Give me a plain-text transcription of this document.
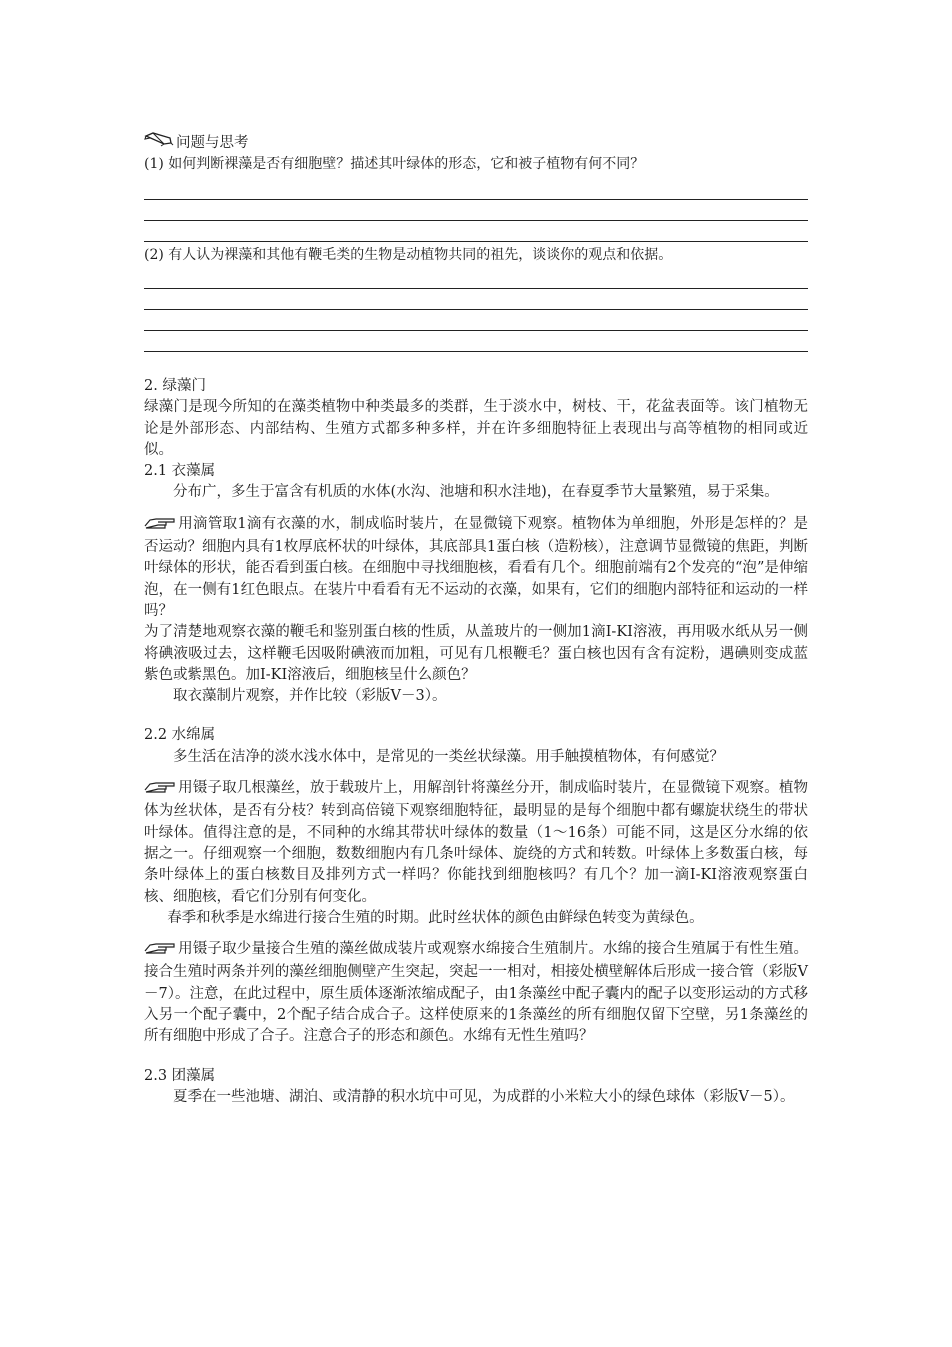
问题与思考

(1) 如何判断裸藻是否有细胞壁？描述其叶绿体的形态，它和被子植物有何不同？

(2) 有人认为裸藻和其他有鞭毛类的生物是动植物共同的祖先，谈谈你的观点和依据。

2. 绿藻门

绿藻门是现今所知的在藻类植物中种类最多的类群，生于淡水中，树枝、干，花盆表面等。该门植物无论是外部形态、内部结构、生殖方式都多种多样，并在许多细胞特征上表现出与高等植物的相同或近似。

2.1 衣藻属

分布广，多生于富含有机质的水体(水沟、池塘和积水洼地)，在春夏季节大量繁殖，易于采集。

用滴管取1滴有衣藻的水，制成临时装片，在显微镜下观察。植物体为单细胞，外形是怎样的？是否运动？细胞内具有1枚厚底杯状的叶绿体，其底部具1蛋白核（造粉核），注意调节显微镜的焦距，判断叶绿体的形状，能否看到蛋白核。在细胞中寻找细胞核，看看有几个。细胞前端有2个发亮的“泡”是伸缩泡，在一侧有1红色眼点。在装片中看看有无不运动的衣藻，如果有，它们的细胞内部特征和运动的一样吗？

为了清楚地观察衣藻的鞭毛和鉴别蛋白核的性质，从盖玻片的一侧加1滴I-KI溶液，再用吸水纸从另一侧将碘液吸过去，这样鞭毛因吸附碘液而加粗，可见有几根鞭毛？蛋白核也因有含有淀粉，遇碘则变成蓝紫色或紫黑色。加I-KI溶液后，细胞核呈什么颜色？

取衣藻制片观察，并作比较（彩版V－3）。

2.2 水绵属

多生活在洁净的淡水浅水体中，是常见的一类丝状绿藻。用手触摸植物体，有何感觉？

用镊子取几根藻丝，放于载玻片上，用解剖针将藻丝分开，制成临时装片，在显微镜下观察。植物体为丝状体，是否有分枝？转到高倍镜下观察细胞特征，最明显的是每个细胞中都有螺旋状绕生的带状叶绿体。值得注意的是，不同种的水绵其带状叶绿体的数量（1～16条）可能不同，这是区分水绵的依据之一。仔细观察一个细胞，数数细胞内有几条叶绿体、旋绕的方式和转数。叶绿体上多数蛋白核，每条叶绿体上的蛋白核数目及排列方式一样吗？你能找到细胞核吗？有几个？加一滴I-KI溶液观察蛋白核、细胞核，看它们分别有何变化。

春季和秋季是水绵进行接合生殖的时期。此时丝状体的颜色由鲜绿色转变为黄绿色。

用镊子取少量接合生殖的藻丝做成装片或观察水绵接合生殖制片。水绵的接合生殖属于有性生殖。接合生殖时两条并列的藻丝细胞侧壁产生突起，突起一一相对，相接处横壁解体后形成一接合管（彩版V－7）。注意，在此过程中，原生质体逐渐浓缩成配子，由1条藻丝中配子囊内的配子以变形运动的方式移入另一个配子囊中，2个配子结合成合子。这样使原来的1条藻丝的所有细胞仅留下空壁，另1条藻丝的所有细胞中形成了合子。注意合子的形态和颜色。水绵有无性生殖吗？

2.3 团藻属

夏季在一些池塘、湖泊、或清静的积水坑中可见，为成群的小米粒大小的绿色球体（彩版V－5）。
